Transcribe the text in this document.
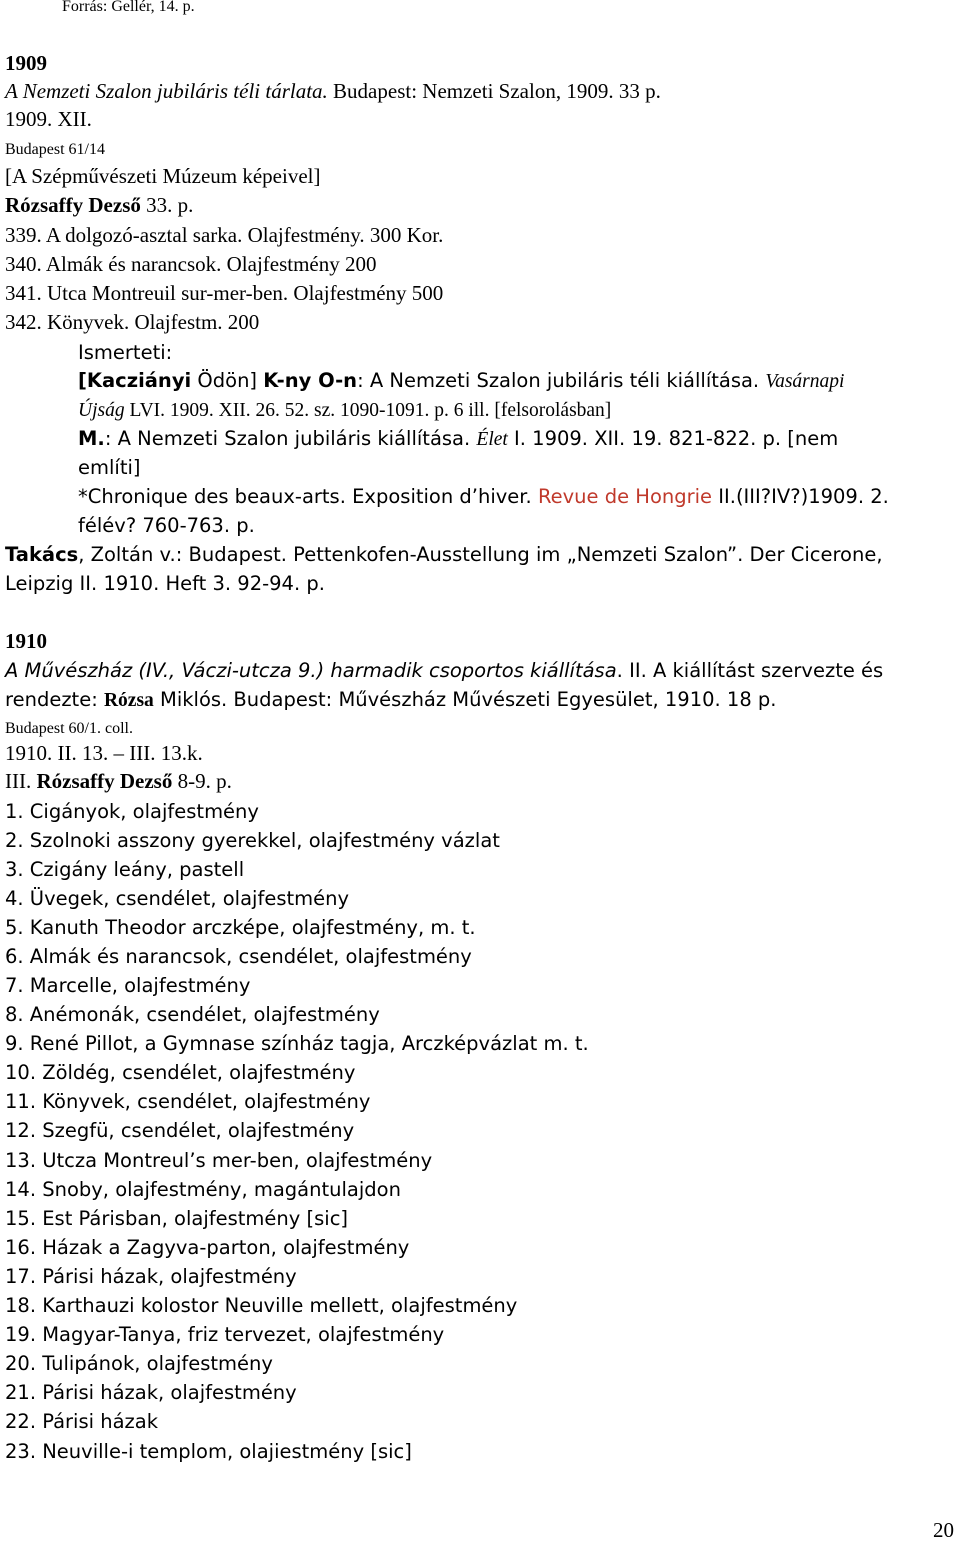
Forrás: Gellér, 14. p.
1909
A Nemzeti Szalon jubiláris téli tárlata. Budapest: Nemzeti Szalon, 1909. 33 p.
1909. XII.
Budapest 61/14
[A Szépművészeti Múzeum képeivel]
Rózsaffy Dezső 33. p.
339. A dolgozó-asztal sarka. Olajfestmény. 300 Kor.
340. Almák és narancsok. Olajfestmény 200
341. Utca Montreuil sur-mer-ben. Olajfestmény 500
342. Könyvek. Olajfestm. 200
Ismerteti:
[Kacziányi Ödön] K-ny O-n: A Nemzeti Szalon jubiláris téli kiállítása. Vasárnapi
Újság LVI. 1909. XII. 26. 52. sz. 1090-1091. p. 6 ill. [felsorolásban]
M.: A Nemzeti Szalon jubiláris kiállítása. Élet I. 1909. XII. 19. 821-822. p. [nem
említi]
*Chronique des beaux-arts. Exposition d’hiver. Revue de Hongrie II.(III?IV?)1909. 2.
félév? 760-763. p.
Takács, Zoltán v.: Budapest. Pettenkofen-Ausstellung im „Nemzeti Szalon”. Der Cicerone,
Leipzig II. 1910. Heft 3. 92-94. p.
1910
A Művészház (IV., Váczi-utcza 9.) harmadik csoportos kiállítása. II. A kiállítást szervezte és
rendezte: Rózsa Miklós. Budapest: Művészház Művészeti Egyesület, 1910. 18 p.
Budapest 60/1. coll.
1910. II. 13. – III. 13.k.
III. Rózsaffy Dezső 8-9. p.
1. Cigányok, olajfestmény
2. Szolnoki asszony gyerekkel, olajfestmény vázlat
3. Czigány leány, pastell
4. Üvegek, csendélet, olajfestmény
5. Kanuth Theodor arczképe, olajfestmény, m. t.
6. Almák és narancsok, csendélet, olajfestmény
7. Marcelle, olajfestmény
8. Anémonák, csendélet, olajfestmény
9. René Pillot, a Gymnase színház tagja, Arczképvázlat m. t.
10. Zöldég, csendélet, olajfestmény
11. Könyvek, csendélet, olajfestmény
12. Szegfü, csendélet, olajfestmény
13. Utcza Montreul’s mer-ben, olajfestmény
14. Snoby, olajfestmény, magántulajdon
15. Est Párisban, olajfestmény [sic]
16. Házak a Zagyva-parton, olajfestmény
17. Párisi házak, olajfestmény
18. Karthauzi kolostor Neuville mellett, olajfestmény
19. Magyar-Tanya, friz tervezet, olajfestmény
20. Tulipánok, olajfestmény
21. Párisi házak, olajfestmény
22. Párisi házak
23. Neuville-i templom, olajiestmény [sic]
20
